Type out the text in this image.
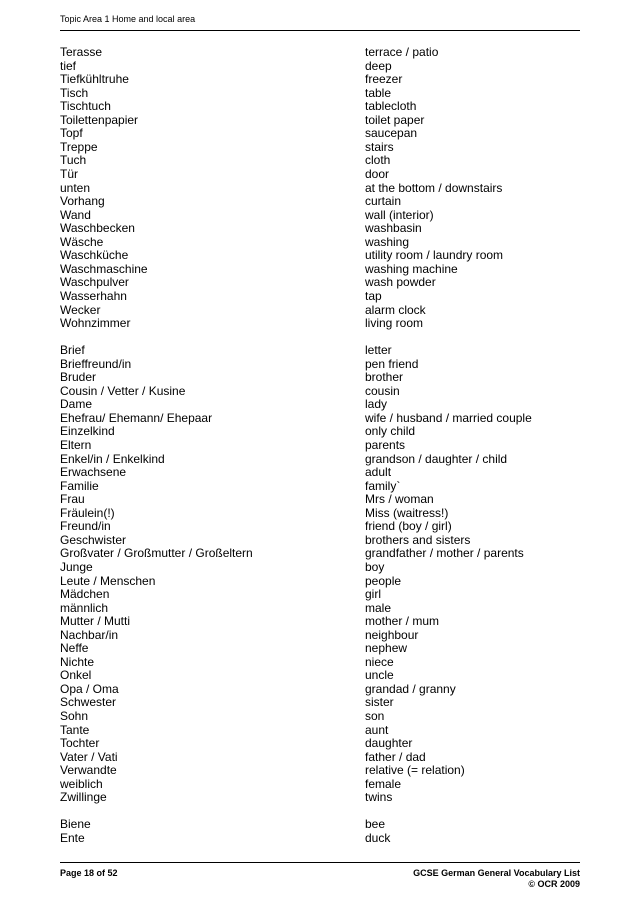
Topic Area 1 Home and local area
Terasse	terrace / patio
tief	deep
Tiefkühltruhe	freezer
Tisch	table
Tischtuch	tablecloth
Toilettenpapier	toilet paper
Topf	saucepan
Treppe	stairs
Tuch	cloth
Tür	door
unten	at the bottom / downstairs
Vorhang	curtain
Wand	wall (interior)
Waschbecken	washbasin
Wäsche	washing
Waschküche	utility room / laundry room
Waschmaschine	washing machine
Waschpulver	wash powder
Wasserhahn	tap
Wecker	alarm clock
Wohnzimmer	living room
Brief	letter
Brieffreund/in	pen friend
Bruder	brother
Cousin / Vetter / Kusine	cousin
Dame	lady
Ehefrau/ Ehemann/ Ehepaar	wife / husband / married couple
Einzelkind	only child
Eltern	parents
Enkel/in / Enkelkind	grandson / daughter / child
Erwachsene	adult
Familie	family`
Frau	Mrs / woman
Fräulein(!)	Miss (waitress!)
Freund/in	friend (boy / girl)
Geschwister	brothers and sisters
Großvater / Großmutter / Großeltern	grandfather / mother / parents
Junge	boy
Leute / Menschen	people
Mädchen	girl
männlich	male
Mutter / Mutti	mother / mum
Nachbar/in	neighbour
Neffe	nephew
Nichte	niece
Onkel	uncle
Opa / Oma	grandad / granny
Schwester	sister
Sohn	son
Tante	aunt
Tochter	daughter
Vater / Vati	father / dad
Verwandte	relative (= relation)
weiblich	female
Zwillinge	twins
Biene	bee
Ente	duck
Page 18 of 52	GCSE German General Vocabulary List
© OCR 2009
